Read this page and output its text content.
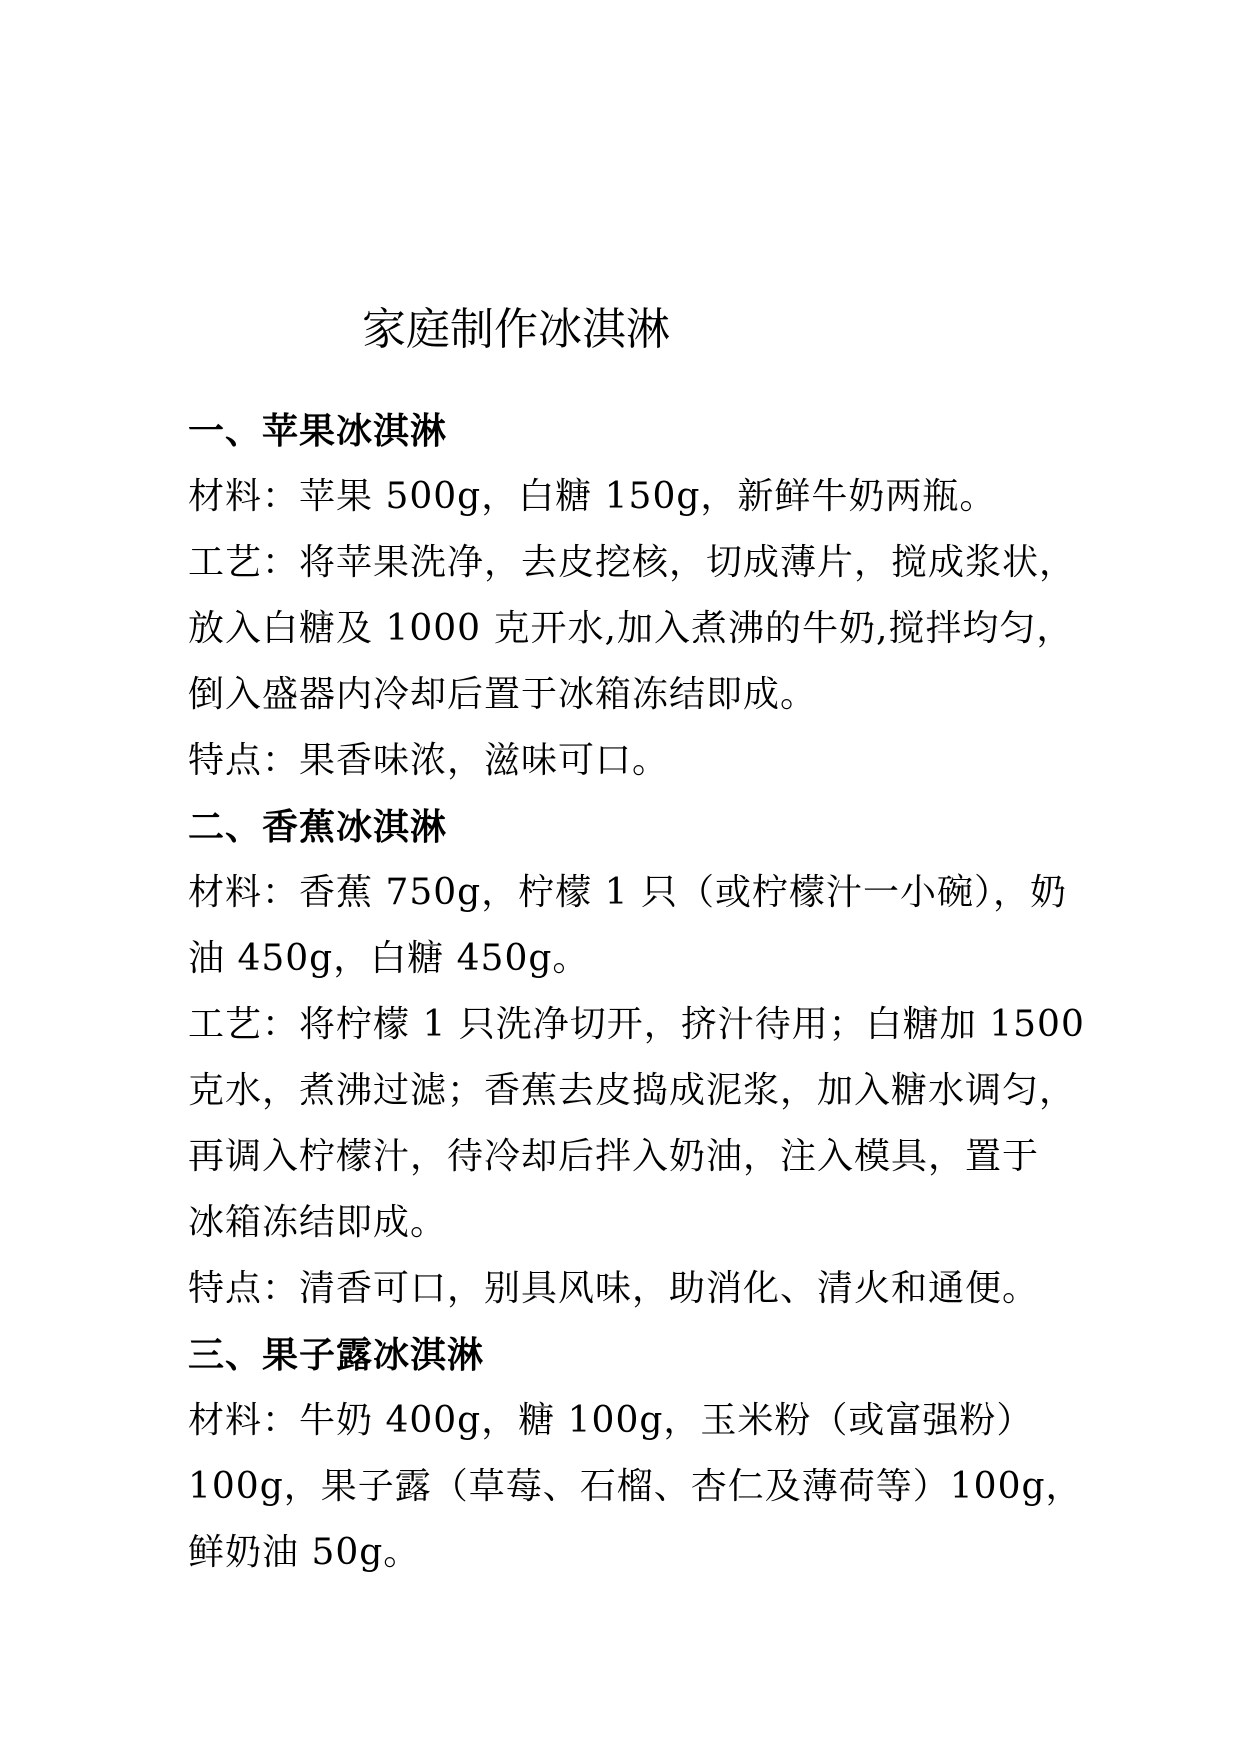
家庭制作冰淇淋
一、苹果冰淇淋
材料：苹果 500g，白糖 150g，新鲜牛奶两瓶。
工艺：将苹果洗净，去皮挖核，切成薄片，搅成浆状，
放入白糖及 1000 克开水,加入煮沸的牛奶,搅拌均匀，
倒入盛器内冷却后置于冰箱冻结即成。
特点：果香味浓，滋味可口。
二、香蕉冰淇淋
材料：香蕉 750g，柠檬 1 只（或柠檬汁一小碗），奶
油 450g，白糖 450g。
工艺：将柠檬 1 只洗净切开，挤汁待用；白糖加 1500
克水，煮沸过滤；香蕉去皮捣成泥浆，加入糖水调匀，
再调入柠檬汁，待冷却后拌入奶油，注入模具，置于
冰箱冻结即成。
特点：清香可口，别具风味，助消化、清火和通便。
三、果子露冰淇淋
材料：牛奶 400g，糖 100g，玉米粉（或富强粉）
100g，果子露（草莓、石榴、杏仁及薄荷等）100g，
鲜奶油 50g。
